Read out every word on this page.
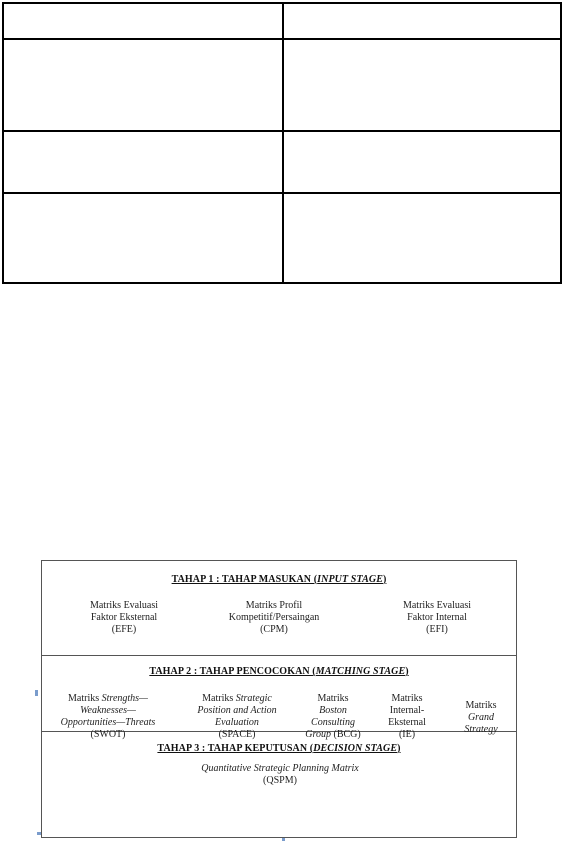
TAHAP 1 : TAHAP MASUKAN (INPUT STAGE)
Matriks Evaluasi
Faktor Eksternal
(EFE)
Matriks Profil
Kompetitif/Persaingan
(CPM)
Matriks Evaluasi
Faktor Internal
(EFI)
TAHAP 2 : TAHAP PENCOCOKAN (MATCHING STAGE)
Matriks Strengths—
Weaknesses—
Opportunities—Threats
(SWOT)
Matriks Strategic
Position and Action
Evaluation
(SPACE)
Matriks
Boston
Consulting
Group (BCG)
Matriks
Internal-
Eksternal
(IE)
Matriks
Grand
Strategy
TAHAP 3 : TAHAP KEPUTUSAN (DECISION STAGE)
Quantitative Strategic Planning Matrix
(QSPM)
